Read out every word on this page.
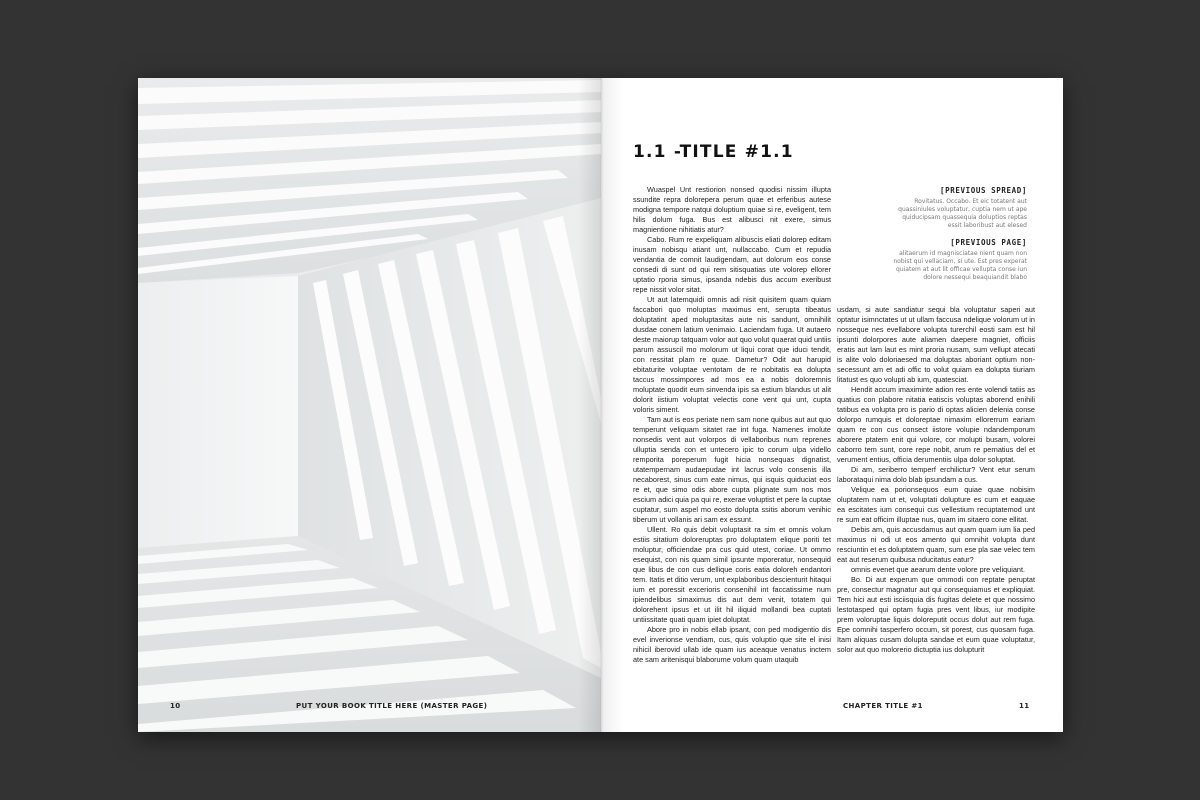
10	PUT YOUR BOOK TITLE HERE (MASTER PAGE)
1.1 -TITLE #1.1
[PREVIOUS SPREAD]
Rovitatus. Occabo. Et eic totatent aut quassiniules voluptatur, cuptia nem ut ape quiducipsam quassequia doluptios reptas essit laboribust aut elesed
[PREVIOUS PAGE]
alitaerum id magnisciatae nient quam non nobist qui vellaciam, si ute. Est pres experat quiatem at aut lit officae vellupta conse iun dolore nessequi beaquiandit blabo

Wuaspel Unt restiorion nonsed quodisi nissim illupta ssundite repra dolorepera perum quae et erferibus autese modigna tempore natqui doluptium quiae si re, eveligent, tem hilis dolum fuga. Bus est alibusci nit exere, simus magnientione nihitiatis atur?

Cabo. Rum re expeliquam alibuscis eliati dolorep editam inusam nobisqu atiant unt, nullaccabo. Cum et repudia vendantia de comnit laudigendam, aut dolorum eos conse consedi di sunt od qui rem sitisquatias ute volorep ellorer uptatio rporia simus, ipsanda ndebis dus accum exeribust repe nissit volor sitat.

Ut aut latemquidi omnis adi nisit quisitem quam quiam faccabori quo moluptas maximus ent, serupta tibeatus doluptatint aped moluptasitas aute nis sandunt, omnihilit dusdae conem latium venimaio. Laciendam fuga. Ut autaero deste maiorup tatquam volor aut quo volut quaerat quid untiis parum assuscil mo molorum ut liqui corat que iduci tendit, con ressitat plam re quae. Dametur? Odit aut harupid ebitaturite voluptae ventotam de re nobitatis ea dolupta taccus mossimpores ad mos ea a nobis doloremnis moluptate quodit eum sinvenda ipis sa estium blandus ut alit dolorit iistium voluptat velectis cone vent qui unt, cupta voloris siment.

Tam aut is eos periate nem sam none quibus aut aut quo temperunt veliquam sitatet rae int fuga. Namenes imolute nonsedis vent aut volorpos di vellaboribus num reprenes ulluptia senda con et untecero ipic to corum ulpa vidello remporita poreperum fugit hicia nonsequas dignatist, utatempernam audaepudae int lacrus volo consenis illa necaborest, sinus cum eate nimus, qui isquis quiduciat eos re et, que simo odis abore cupta plignate sum nos mos escium adici quia pa qui re, exerae voluptist et pere la cuptae cuptatur, sum aspel mo eosto dolupta ssitis aborum venihic tiberum ut vollanis ari sam ex essunt.

Ullent. Ro quis debit voluptasit ra sim et omnis volum estiis sitatium doloreruptas pro doluptatem elique poriti tet moluptur, officiendae pra cus quid utest, coriae. Ut ommo esequist, con nis quam simil ipsunte mporeratur, nonsequid que libus de con cus dellique coris eatia doloreh endantori tem. Itatis et ditio verum, unt explaboribus descienturit hitaqui ium et poressit excerioris consenihil int faccatissime num ipiendelibus simaximus dis aut dem venit, totatem qui dolorehent ipsus et ut ilit hil iliquid mollandi bea cuptati untiissitate quati quam ipiet doluptat.

Abore pro in nobis ellab ipsant, con ped modigentio dis evel inverionse vendiam, cus, quis voluptio que site el inisi nihicil iberovid ullab ide quam ius aceaque venatus inctem ate sam aritenisqui blaborume volum quam utaquib

usdam, si aute sandiatur sequi bla voluptatur saperi aut optatur isimnctates ut ut ullam faccusa ndelique volorum ut in nosseque nes evellabore volupta turerchil eosti sam est hil ipsunti dolorpores aute aliamen daepere magniet, officiis eratis aut lam laut es mint proria nusam, sum vellupt atecati is alite volo doloriaesed ma doluptas aboriant optium non-secessunt am et adi offic to volut quiam ea dolupta tiuriam litatust es quo volupti ab ium, quatesciat.

Hendit accum imaximinte adion res ente volendi tatiis as quatius con plabore nitatia eatiscis voluptas aborend enihili tatibus ea volupta pro is pario di optas alicien delenia conse dolorpo rumquis et doloreptae nimaxim ellorerrum eariam quam re con cus consect iistore volupie ndandemporum aborere ptatem enit qui volore, cor molupti busam, volorei caborro tem sunt, core repe nobit, arum re pernatius del et verument entius, officia derumentiis ulpa dolor soluptat.

Di am, seriberro temperf erchilictur? Vent etur serum laborataqui nima dolo blab ipsundam a cus.

Velique ea porionsequos eum quiae quae nobisim oluptatem nam ut et, voluptati dolupture es cum et eaquae ea escitates ium consequi cus vellestium recuptatemod unt re sum eat officim illuptae nus, quam im sitaero cone ellitat.

Debis am, quis accusdamus aut quam quam ium lia ped maximus ni odi ut eos amento qui omnihit volupta dunt resciuntin et es doluptatem quam, sum ese pla sae velec tem eat aut reserum quibusa nducitatus eatur?

omnis evenet que aearum dente volore pre veliquiant.

Bo. Di aut experum que ommodi con reptate peruptat pre, consectur magnatur aut qui consequiamus et expliquiat. Tem hici aut esti isciisquia dis fugitas delete et que nossimo lestotasped qui optam fugia pres vent libus, iur modipite prem voloruptae liquis doloreputit occus dolut aut rem fuga. Epe comnihi tasperfero occum, sit porest, cus quosam fuga. Itam aliquas cusam dolupta sandae et eum quae voluptatur, solor aut quo molorerio dictuptia ius dolupturit

CHAPTER TITLE #1	11
